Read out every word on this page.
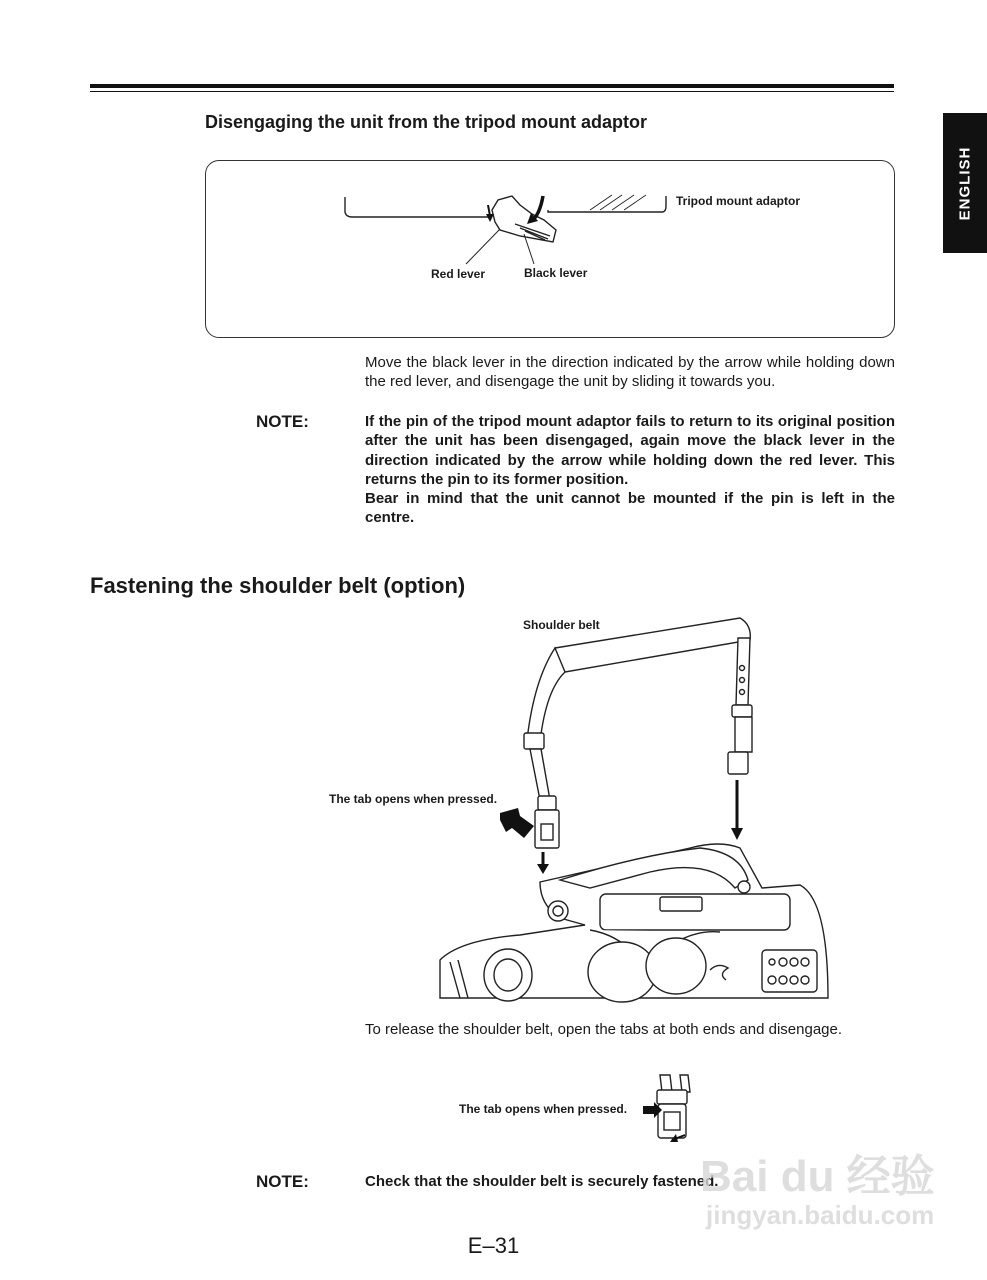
ENGLISH
Disengaging the unit from the tripod mount adaptor
Tripod mount adaptor
Red lever	Black lever

Move the black lever in the direction indicated by the arrow while holding down the red lever, and disengage the unit by sliding it towards you.

NOTE:	If the pin of the tripod mount adaptor fails to return to its original position after the unit has been disengaged, again move the black lever in the direction indicated by the arrow while holding down the red lever. This returns the pin to its former position.

Bear in mind that the unit cannot be mounted if the pin is left in the centre.

Fastening the shoulder belt (option)
Shoulder belt
The tab opens when pressed.

To release the shoulder belt, open the tabs at both ends and disengage.

The tab opens when pressed.
NOTE:	Check that the shoulder belt is securely fastened.

Bai du 经验
jingyan.baidu.com
E–31
